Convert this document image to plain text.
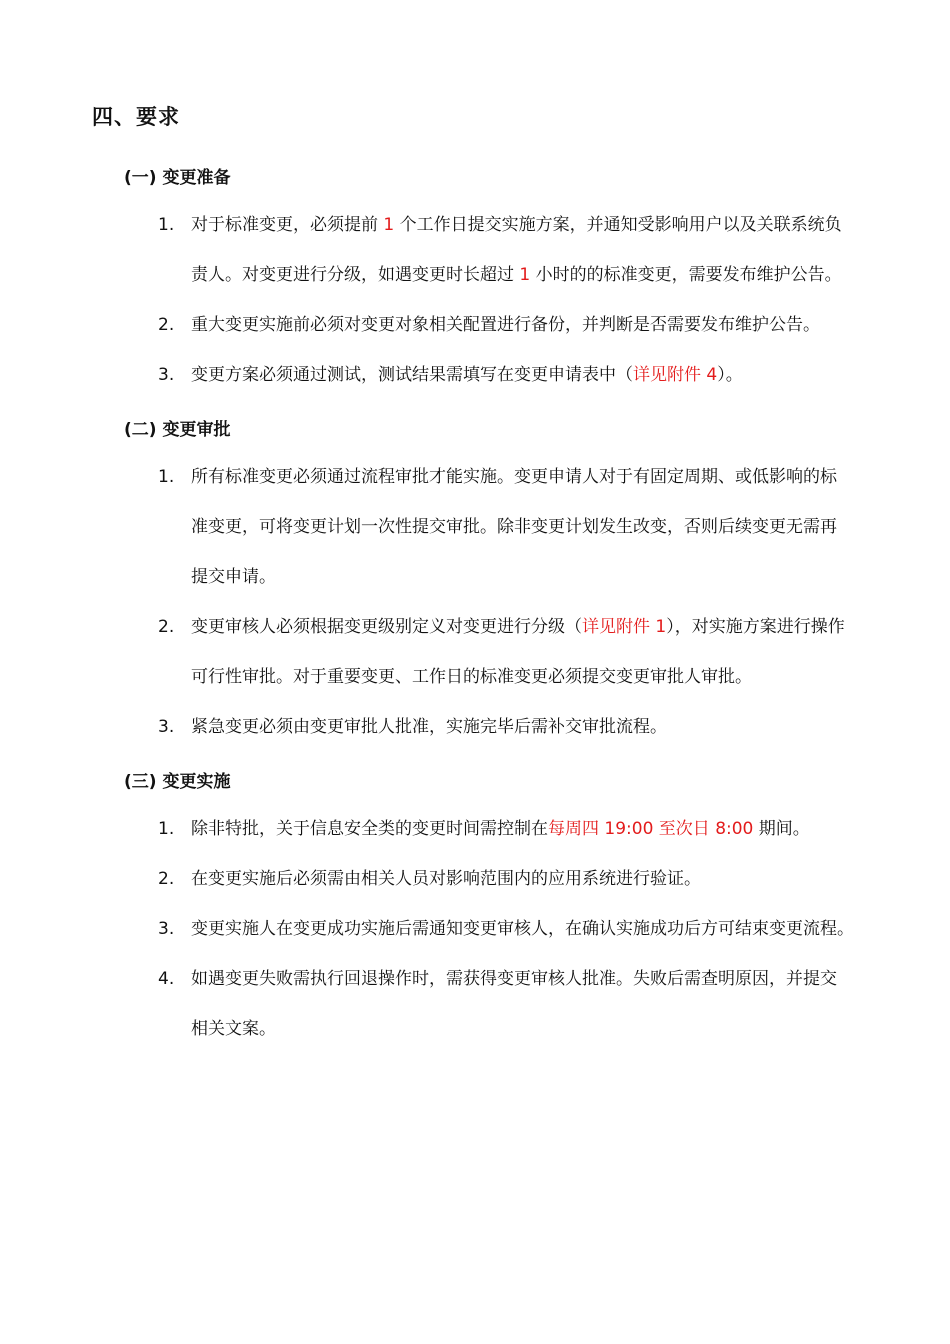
四、要求
(一) 变更准备
1. 对于标准变更，必须提前 1 个工作日提交实施方案，并通知受影响用户以及关联系统负
责人。对变更进行分级，如遇变更时长超过 1 小时的的标准变更，需要发布维护公告。
2. 重大变更实施前必须对变更对象相关配置进行备份，并判断是否需要发布维护公告。
3. 变更方案必须通过测试，测试结果需填写在变更申请表中（详见附件 4）。
(二) 变更审批
1. 所有标准变更必须通过流程审批才能实施。变更申请人对于有固定周期、或低影响的标
准变更，可将变更计划一次性提交审批。除非变更计划发生改变，否则后续变更无需再
提交申请。
2. 变更审核人必须根据变更级别定义对变更进行分级（详见附件 1），对实施方案进行操作
可行性审批。对于重要变更、工作日的标准变更必须提交变更审批人审批。
3. 紧急变更必须由变更审批人批准，实施完毕后需补交审批流程。
(三) 变更实施
1. 除非特批，关于信息安全类的变更时间需控制在每周四 19:00 至次日 8:00 期间。
2. 在变更实施后必须需由相关人员对影响范围内的应用系统进行验证。
3. 变更实施人在变更成功实施后需通知变更审核人，在确认实施成功后方可结束变更流程。
4. 如遇变更失败需执行回退操作时，需获得变更审核人批准。失败后需查明原因，并提交
相关文案。
